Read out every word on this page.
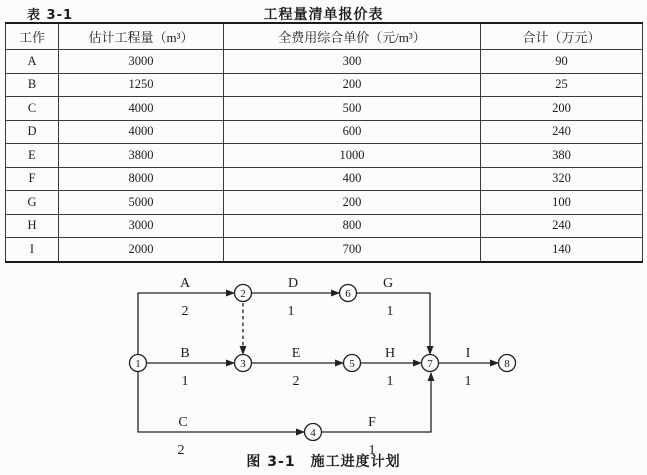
表 3-1	工程量清单报价表
工作	估计工程量（m³）	全费用综合单价（元/m³）	合计（万元）
A	3000	300	90
B	1250	200	25
C	4000	500	200
D	4000	600	240
E	3800	1000	380
F	8000	400	320
G	5000	200	100
H	3000	800	240
I	2000	700	140
1
2
3
4
5
6
7	8
A
2
B
1
C
2
D
1
E
2
G
1
H
1
F
1
I
1
图 3-1　施工进度计划
